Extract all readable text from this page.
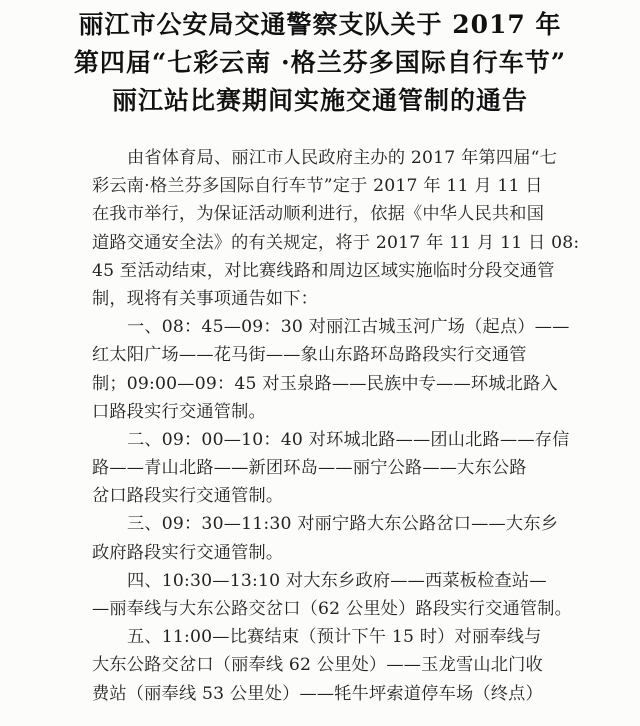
丽江市公安局交通警察支队关于 2017 年
第四届“七彩云南 ·格兰芬多国际自行车节”
丽江站比赛期间实施交通管制的通告
由省体育局、丽江市人民政府主办的 2017 年第四届“七
彩云南·格兰芬多国际自行车节”定于 2017 年 11 月 11 日
在我市举行，为保证活动顺利进行，依据《中华人民共和国
道路交通安全法》的有关规定，将于 2017 年 11 月 11 日 08:
45 至活动结束，对比赛线路和周边区域实施临时分段交通管
制，现将有关事项通告如下：
一、08：45—09：30 对丽江古城玉河广场（起点）——
红太阳广场——花马街——象山东路环岛路段实行交通管
制；09:00—09：45 对玉泉路——民族中专——环城北路入
口路段实行交通管制。
二、09：00—10：40 对环城北路——团山北路——存信
路——青山北路——新团环岛——丽宁公路——大东公路
岔口路段实行交通管制。
三、09：30—11:30 对丽宁路大东公路岔口——大东乡
政府路段实行交通管制。
四、10:30—13:10 对大东乡政府——西菜板检查站—
—丽奉线与大东公路交岔口（62 公里处）路段实行交通管制。
五、11:00—比赛结束（预计下午 15 时）对丽奉线与
大东公路交岔口（丽奉线 62 公里处）——玉龙雪山北门收
费站（丽奉线 53 公里处）——牦牛坪索道停车场（终点）
